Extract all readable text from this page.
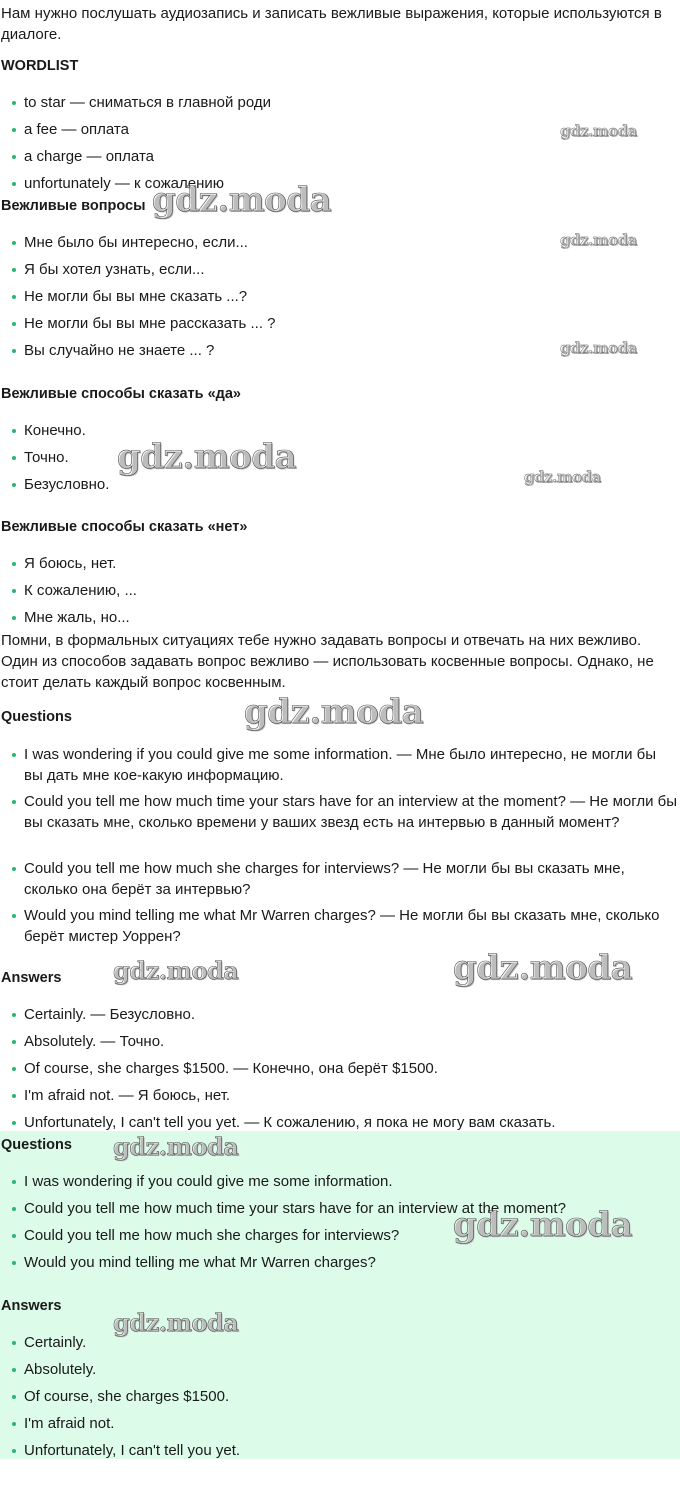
Нам нужно послушать аудиозапись и записать вежливые выражения, которые используются в диалоге.

WORDLIST
to star — сниматься в главной роди
a fee — оплата
a charge — оплата
unfortunately — к сожалению
Вежливые вопросы
Мне было бы интересно, если...
Я бы хотел узнать, если...
Не могли бы вы мне сказать ...?
Не могли бы вы мне рассказать ... ?
Вы случайно не знаете ... ?
Вежливые способы сказать «да»
Конечно.
Точно.
Безусловно.
Вежливые способы сказать «нет»
Я боюсь, нет.
К сожалению, ...
Мне жаль, но...

Помни, в формальных ситуациях тебе нужно задавать вопросы и отвечать на них вежливо. Один из способов задавать вопрос вежливо — использовать косвенные вопросы. Однако, не стоит делать каждый вопрос косвенным.

Questions
I was wondering if you could give me some information. — Мне было интересно, не могли бы вы дать мне кое-какую информацию.
Could you tell me how much time your stars have for an interview at the moment? — Не могли бы вы сказать мне, сколько времени у ваших звезд есть на интервью в данный момент?
Could you tell me how much she charges for interviews? — Не могли бы вы сказать мне, сколько она берёт за интервью?
Would you mind telling me what Mr Warren charges? — Не могли бы вы сказать мне, сколько берёт мистер Уоррен?
Answers
Certainly. — Безусловно.
Absolutely. — Точно.
Of course, she charges $1500. — Конечно, она берёт $1500.
I'm afraid not. — Я боюсь, нет.
Unfortunately, I can't tell you yet. — К сожалению, я пока не могу вам сказать.
Questions
I was wondering if you could give me some information.
Could you tell me how much time your stars have for an interview at the moment?
Could you tell me how much she charges for interviews?
Would you mind telling me what Mr Warren charges?
Answers
Certainly.
Absolutely.
Of course, she charges $1500.
I'm afraid not.
Unfortunately, I can't tell you yet.
gdz.moda
gdz.moda
gdz.moda
gdz.moda
gdz.moda	gdz.moda
gdz.moda
gdz.moda	gdz.moda
gdz.moda
gdz.moda
gdz.moda
